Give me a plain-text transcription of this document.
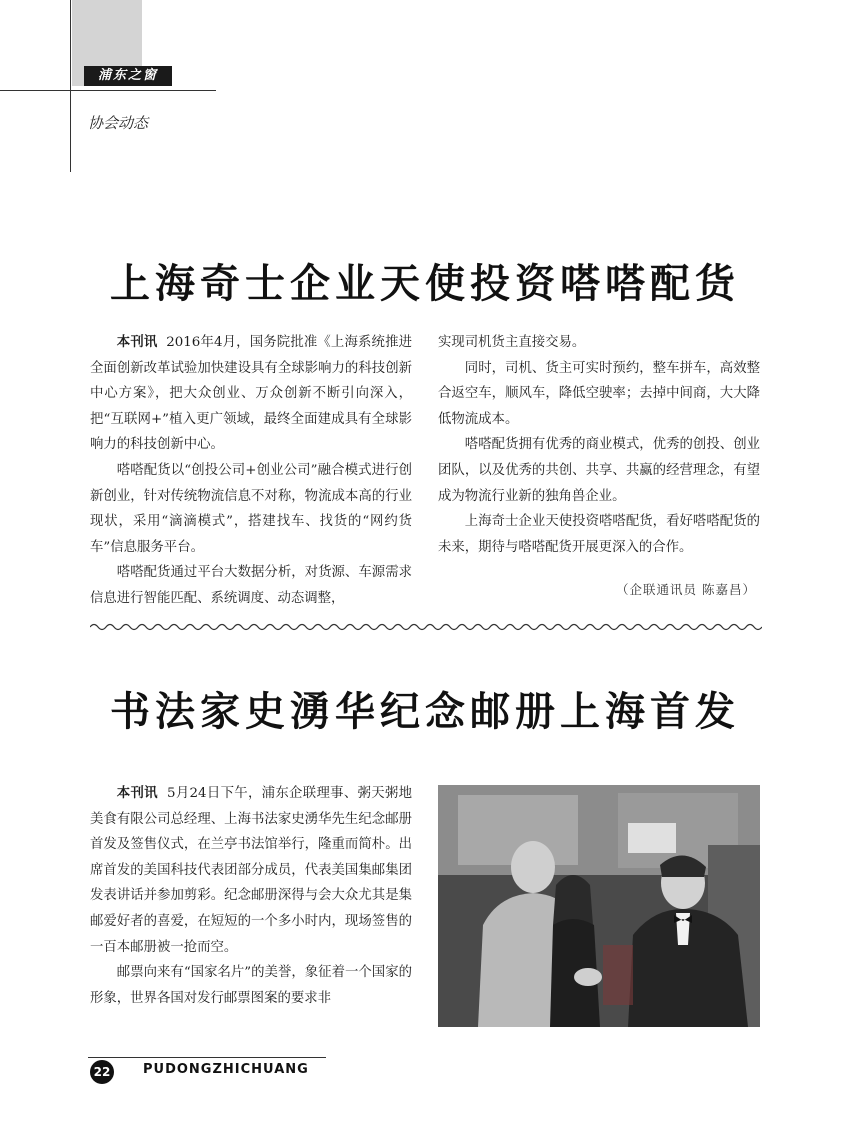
浦东之窗
协会动态
上海奇士企业天使投资嗒嗒配货

本刊讯 2016年4月，国务院批准《上海系统推进全面创新改革试验加快建设具有全球影响力的科技创新中心方案》，把大众创业、万众创新不断引向深入，把“互联网+”植入更广领域，最终全面建成具有全球影响力的科技创新中心。

嗒嗒配货以“创投公司+创业公司”融合模式进行创新创业，针对传统物流信息不对称，物流成本高的行业现状，采用“滴滴模式”，搭建找车、找货的“网约货车”信息服务平台。

嗒嗒配货通过平台大数据分析，对货源、车源需求信息进行智能匹配、系统调度、动态调整，

实现司机货主直接交易。

同时，司机、货主可实时预约，整车拼车，高效整合返空车，顺风车，降低空驶率；去掉中间商，大大降低物流成本。

嗒嗒配货拥有优秀的商业模式，优秀的创投、创业团队，以及优秀的共创、共享、共赢的经营理念，有望成为物流行业新的独角兽企业。

上海奇士企业天使投资嗒嗒配货，看好嗒嗒配货的未来，期待与嗒嗒配货开展更深入的合作。

（企联通讯员 陈嘉昌）
书法家史湧华纪念邮册上海首发

本刊讯 5月24日下午，浦东企联理事、粥天粥地美食有限公司总经理、上海书法家史湧华先生纪念邮册首发及签售仪式，在兰亭书法馆举行，隆重而简朴。出席首发的美国科技代表团部分成员，代表美国集邮集团发表讲话并参加剪彩。纪念邮册深得与会大众尤其是集邮爱好者的喜爱，在短短的一个多小时内，现场签售的一百本邮册被一抢而空。

邮票向来有“国家名片”的美誉，象征着一个国家的形象，世界各国对发行邮票图案的要求非

22	PUDONGZHICHUANG
